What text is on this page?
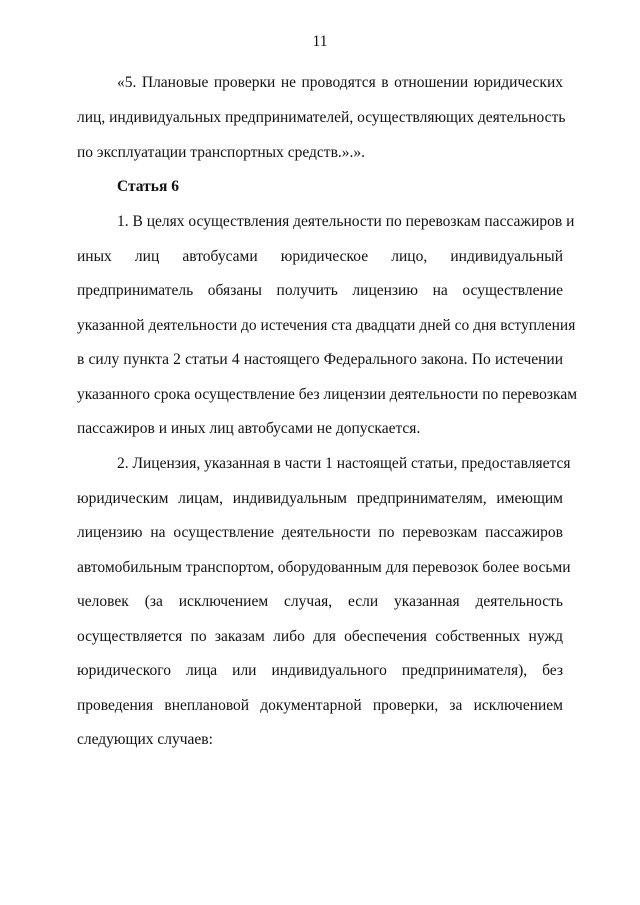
11
«5. Плановые проверки не проводятся в отношении юридических
лиц, индивидуальных предпринимателей, осуществляющих деятельность
по эксплуатации транспортных средств.».».
Статья 6
1. В целях осуществления деятельности по перевозкам пассажиров и
иных лиц автобусами юридическое лицо, индивидуальный
предприниматель обязаны получить лицензию на осуществление
указанной деятельности до истечения ста двадцати дней со дня вступления
в силу пункта 2 статьи 4 настоящего Федерального закона. По истечении
указанного срока осуществление без лицензии деятельности по перевозкам
пассажиров и иных лиц автобусами не допускается.
2. Лицензия, указанная в части 1 настоящей статьи, предоставляется
юридическим лицам, индивидуальным предпринимателям, имеющим
лицензию на осуществление деятельности по перевозкам пассажиров
автомобильным транспортом, оборудованным для перевозок более восьми
человек (за исключением случая, если указанная деятельность
осуществляется по заказам либо для обеспечения собственных нужд
юридического лица или индивидуального предпринимателя), без
проведения внеплановой документарной проверки, за исключением
следующих случаев:
